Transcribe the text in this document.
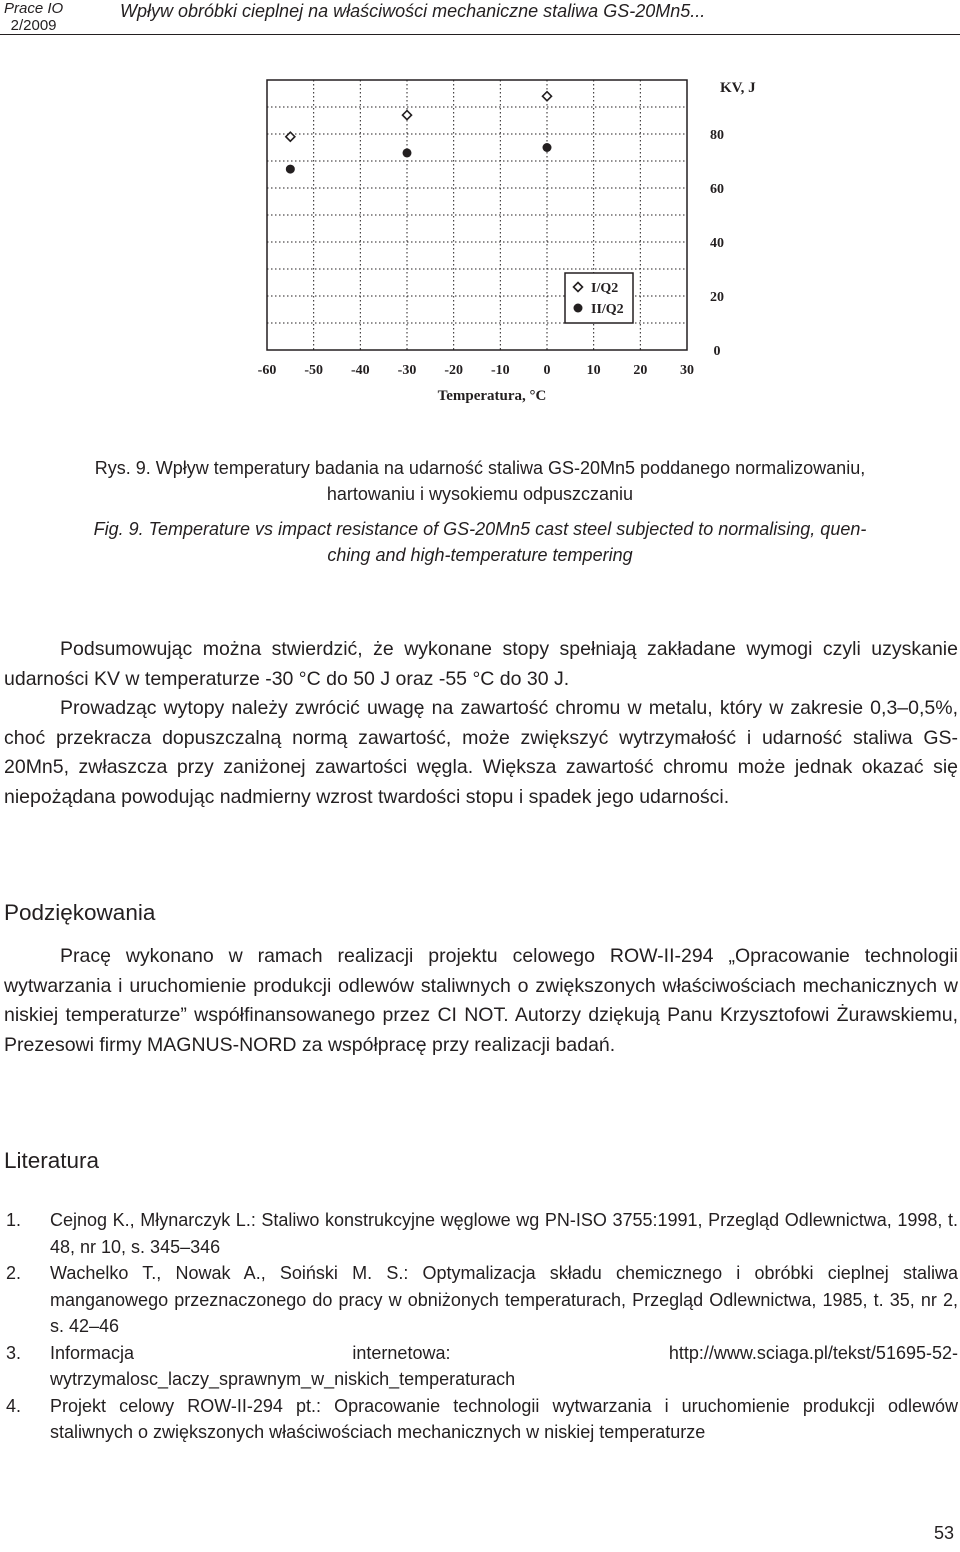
Prace IO
2/2009
Wpływ obróbki cieplnej na właściwości mechaniczne staliwa GS-20Mn5...
-60 -50 -40 -30 -20 -10 0	10 20 30
0
20
40
60
80
KV, J
Temperatura, °C
I/Q2
II/Q2
Rys. 9. Wpływ temperatury badania na udarność staliwa GS-20Mn5 poddanego normalizowaniu,
hartowaniu i wysokiemu odpuszczaniu
Fig. 9. Temperature vs impact resistance of GS-20Mn5 cast steel subjected to normalising, quen-
ching and high-temperature tempering
Podsumowując można stwierdzić, że wykonane stopy spełniają zakładane wymogi czyli uzyskanie udarności KV w temperaturze -30 °C do 50 J oraz -55 °C do 30 J.
Prowadząc wytopy należy zwrócić uwagę na zawartość chromu w metalu, który w zakresie 0,3–0,5%, choć przekracza dopuszczalną normą zawartość, może zwiększyć wytrzymałość i udarność staliwa GS-20Mn5, zwłaszcza przy zaniżonej zawartości węgla. Większa zawartość chromu może jednak okazać się niepożądana powodując nadmierny wzrost twardości stopu i spadek jego udarności.
Podziękowania
Pracę wykonano w ramach realizacji projektu celowego ROW-II-294 „Opracowanie technologii wytwarzania i uruchomienie produkcji odlewów staliwnych o zwiększonych właściwościach mechanicznych w niskiej temperaturze” współfinansowanego przez CI NOT. Autorzy dziękują Panu Krzysztofowi Żurawskiemu, Prezesowi firmy MAGNUS-NORD za współpracę przy realizacji badań.
Literatura
1. Cejnog K., Młynarczyk L.: Staliwo konstrukcyjne węglowe wg PN-ISO 3755:1991, Przegląd Odlewnictwa, 1998, t. 48, nr 10, s. 345–346
2. Wachelko T., Nowak A., Soiński M. S.: Optymalizacja składu chemicznego i obróbki cieplnej staliwa manganowego przeznaczonego do pracy w obniżonych temperaturach, Przegląd Odlewnictwa, 1985, t. 35, nr 2, s. 42–46
3. Informacja internetowa: http://www.sciaga.pl/tekst/51695-52-wytrzymalosc_laczy_sprawnym_w_niskich_temperaturach
4. Projekt celowy ROW-II-294 pt.: Opracowanie technologii wytwarzania i uruchomienie produkcji odlewów staliwnych o zwiększonych właściwościach mechanicznych w niskiej temperaturze
53
